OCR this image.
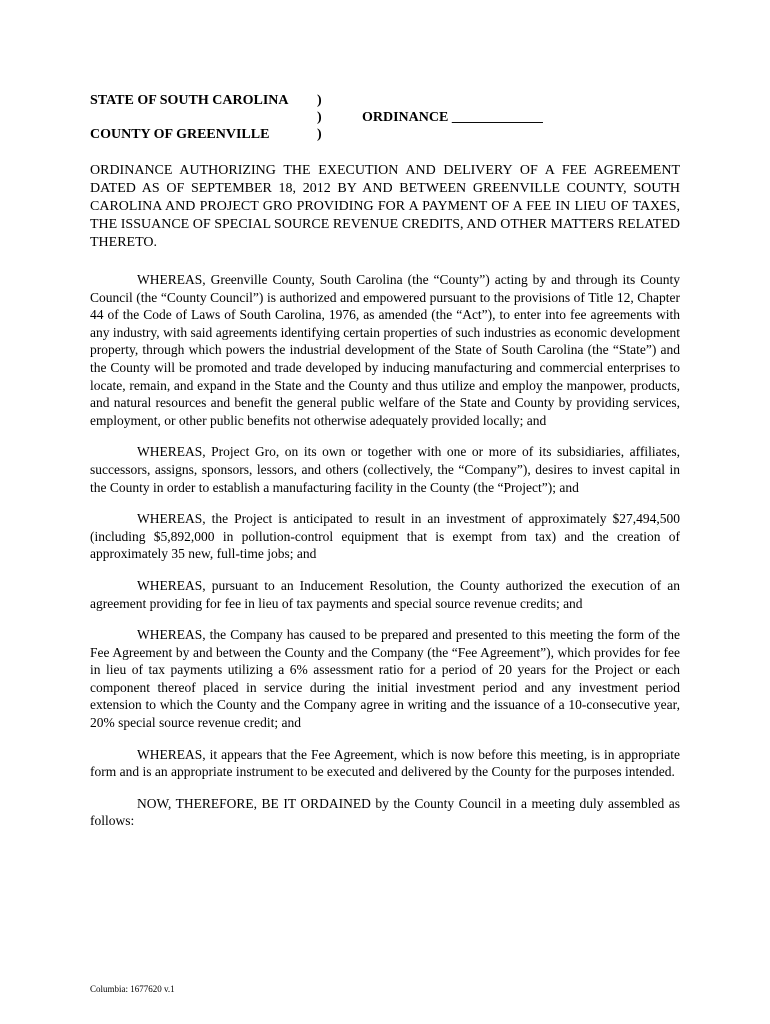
STATE OF SOUTH CAROLINA )
)	ORDINANCE _____________
COUNTY OF GREENVILLE	)
ORDINANCE AUTHORIZING THE EXECUTION AND DELIVERY OF A FEE AGREEMENT DATED AS OF SEPTEMBER 18, 2012 BY AND BETWEEN GREENVILLE COUNTY, SOUTH CAROLINA AND PROJECT GRO PROVIDING FOR A PAYMENT OF A FEE IN LIEU OF TAXES, THE ISSUANCE OF SPECIAL SOURCE REVENUE CREDITS, AND OTHER MATTERS RELATED THERETO.

WHEREAS, Greenville County, South Carolina (the “County”) acting by and through its County Council (the “County Council”) is authorized and empowered pursuant to the provisions of Title 12, Chapter 44 of the Code of Laws of South Carolina, 1976, as amended (the “Act”), to enter into fee agreements with any industry, with said agreements identifying certain properties of such industries as economic development property, through which powers the industrial development of the State of South Carolina (the “State”) and the County will be promoted and trade developed by inducing manufacturing and commercial enterprises to locate, remain, and expand in the State and the County and thus utilize and employ the manpower, products, and natural resources and benefit the general public welfare of the State and County by providing services, employment, or other public benefits not otherwise adequately provided locally; and

WHEREAS, Project Gro, on its own or together with one or more of its subsidiaries, affiliates, successors, assigns, sponsors, lessors, and others (collectively, the “Company”), desires to invest capital in the County in order to establish a manufacturing facility in the County (the “Project”); and

WHEREAS, the Project is anticipated to result in an investment of approximately $27,494,500 (including $5,892,000 in pollution-control equipment that is exempt from tax) and the creation of approximately 35 new, full-time jobs; and

WHEREAS, pursuant to an Inducement Resolution, the County authorized the execution of an agreement providing for fee in lieu of tax payments and special source revenue credits; and

WHEREAS, the Company has caused to be prepared and presented to this meeting the form of the Fee Agreement by and between the County and the Company (the “Fee Agreement”), which provides for fee in lieu of tax payments utilizing a 6% assessment ratio for a period of 20 years for the Project or each component thereof placed in service during the initial investment period and any investment period extension to which the County and the Company agree in writing and the issuance of a 10-consecutive year, 20% special source revenue credit; and

WHEREAS, it appears that the Fee Agreement, which is now before this meeting, is in appropriate form and is an appropriate instrument to be executed and delivered by the County for the purposes intended.

NOW, THEREFORE, BE IT ORDAINED by the County Council in a meeting duly assembled as follows:

Columbia: 1677620 v.1
